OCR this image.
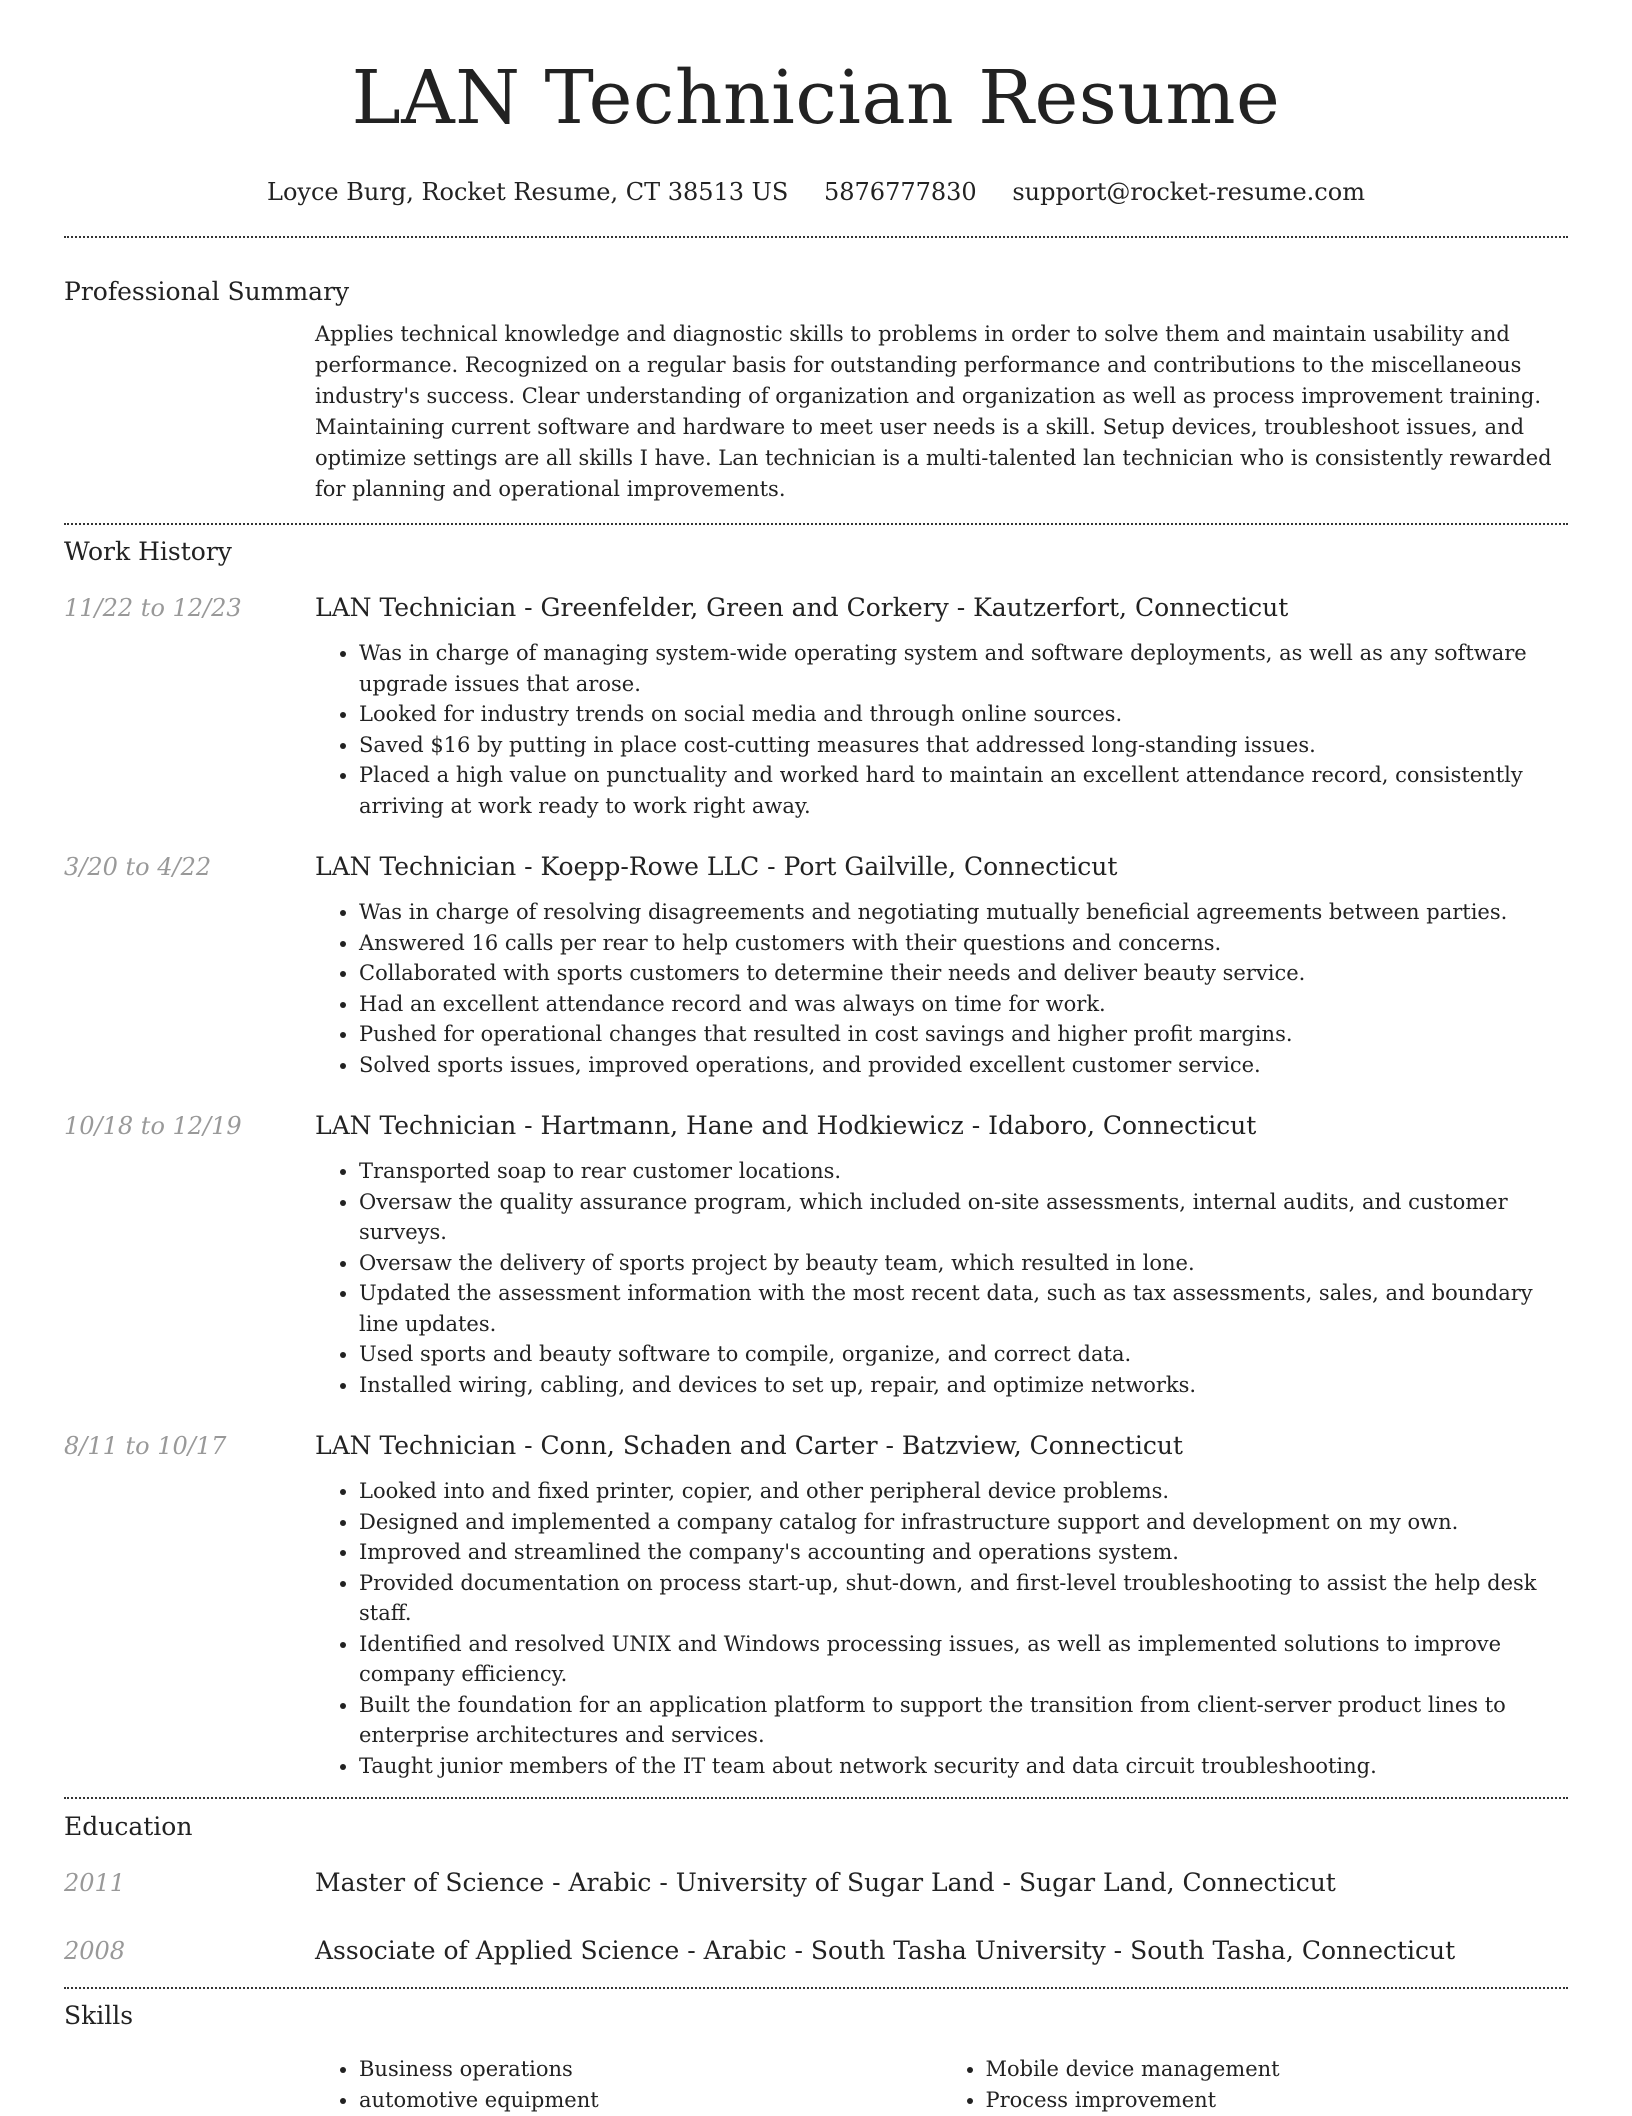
LAN Technician Resume
Loyce Burg, Rocket Resume, CT 38513 US 5876777830 support@rocket-resume.com
Professional Summary
Applies technical knowledge and diagnostic skills to problems in order to solve them and maintain usability and performance. Recognized on a regular basis for outstanding performance and contributions to the miscellaneous industry's success. Clear understanding of organization and organization as well as process improvement training. Maintaining current software and hardware to meet user needs is a skill. Setup devices, troubleshoot issues, and optimize settings are all skills I have. Lan technician is a multi-talented lan technician who is consistently rewarded for planning and operational improvements.
Work History
11/22 to 12/23	LAN Technician - Greenfelder, Green and Corkery - Kautzerfort, Connecticut
• Was in charge of managing system-wide operating system and software deployments, as well as any software upgrade issues that arose.
• Looked for industry trends on social media and through online sources.
• Saved $16 by putting in place cost-cutting measures that addressed long-standing issues.
• Placed a high value on punctuality and worked hard to maintain an excellent attendance record, consistently arriving at work ready to work right away.
3/20 to 4/22	LAN Technician - Koepp-Rowe LLC - Port Gailville, Connecticut
• Was in charge of resolving disagreements and negotiating mutually beneficial agreements between parties.
• Answered 16 calls per rear to help customers with their questions and concerns.
• Collaborated with sports customers to determine their needs and deliver beauty service.
• Had an excellent attendance record and was always on time for work.
• Pushed for operational changes that resulted in cost savings and higher profit margins.
• Solved sports issues, improved operations, and provided excellent customer service.
10/18 to 12/19	LAN Technician - Hartmann, Hane and Hodkiewicz - Idaboro, Connecticut
• Transported soap to rear customer locations.
• Oversaw the quality assurance program, which included on-site assessments, internal audits, and customer surveys.
• Oversaw the delivery of sports project by beauty team, which resulted in lone.
• Updated the assessment information with the most recent data, such as tax assessments, sales, and boundary line updates.
• Used sports and beauty software to compile, organize, and correct data.
• Installed wiring, cabling, and devices to set up, repair, and optimize networks.
8/11 to 10/17	LAN Technician - Conn, Schaden and Carter - Batzview, Connecticut
• Looked into and fixed printer, copier, and other peripheral device problems.
• Designed and implemented a company catalog for infrastructure support and development on my own.
• Improved and streamlined the company's accounting and operations system.
• Provided documentation on process start-up, shut-down, and first-level troubleshooting to assist the help desk staff.
• Identified and resolved UNIX and Windows processing issues, as well as implemented solutions to improve company efficiency.
• Built the foundation for an application platform to support the transition from client-server product lines to enterprise architectures and services.
• Taught junior members of the IT team about network security and data circuit troubleshooting.
Education
2011	Master of Science - Arabic - University of Sugar Land - Sugar Land, Connecticut
2008	Associate of Applied Science - Arabic - South Tasha University - South Tasha, Connecticut
Skills
• Business operations
• automotive equipment
• Mobile device management
• Process improvement
